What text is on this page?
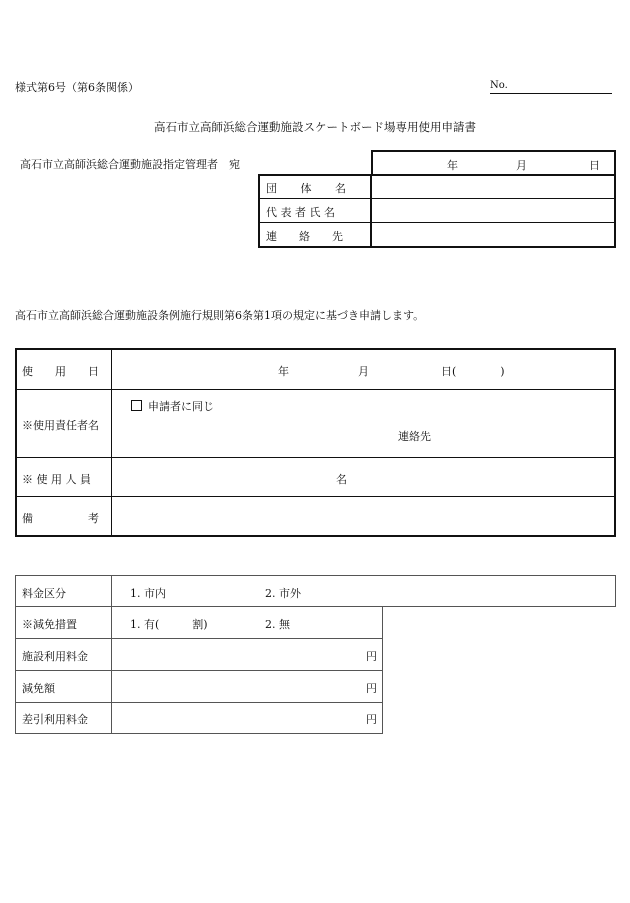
様式第6号（第6条関係）	No.
高石市立高師浜総合運動施設スケートボード場専用使用申請書
高石市立高師浜総合運動施設指定管理者　宛	年	月	日
団　　体　　名
代 表 者 氏 名
連　　絡　　先
高石市立高師浜総合運動施設条例施行規則第6条第1項の規定に基づき申請します。
使　　用　　日	年	月	日(　　　　)
※使用責任者名
申請者に同じ
連絡先
※ 使 用 人 員	名
備　　　　　考
料金区分	1. 市内	2. 市外
※減免措置	1. 有(　　　割)	2. 無
施設利用料金	円
減免額	円
差引利用料金	円
